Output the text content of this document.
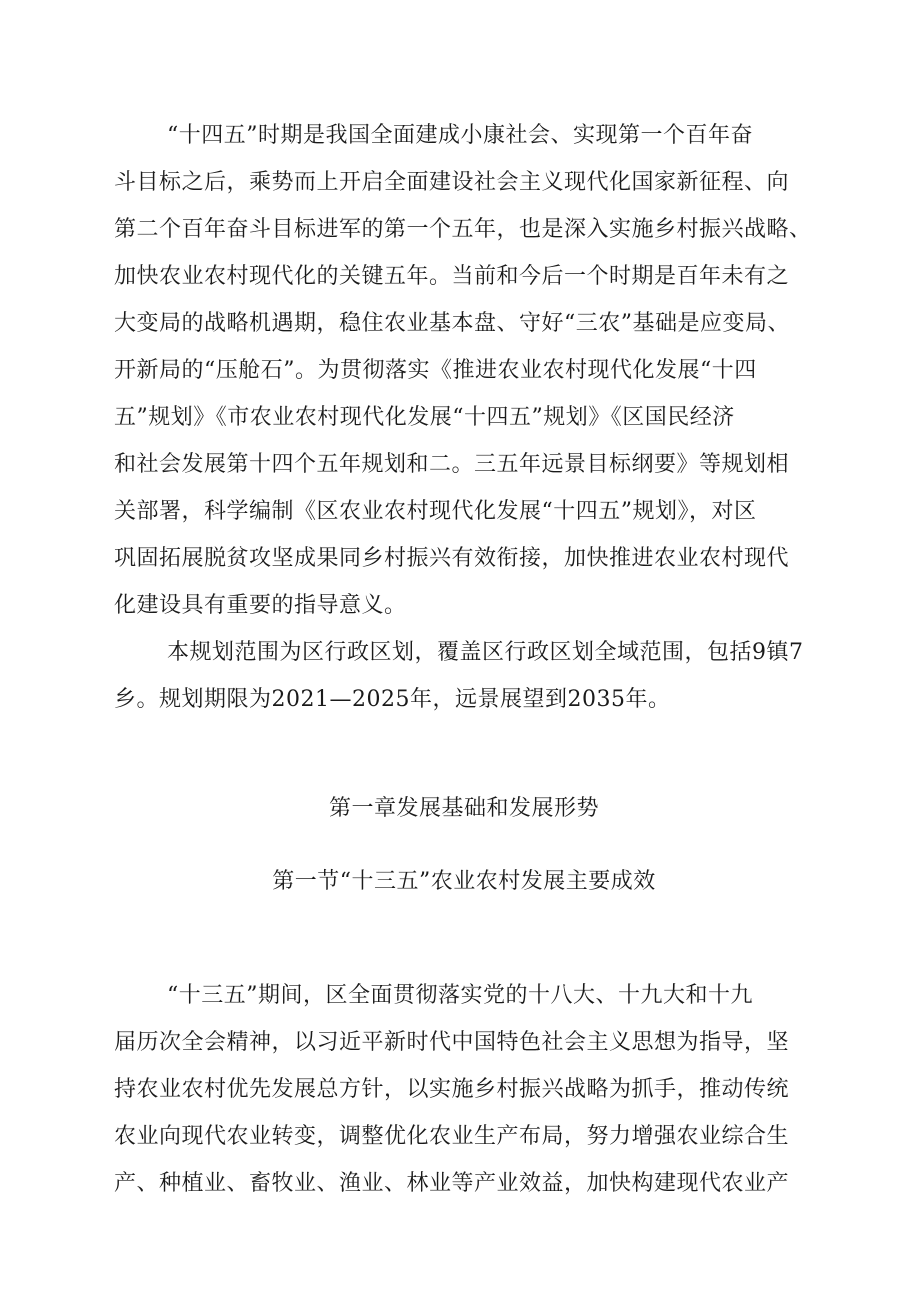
“十四五”时期是我国全面建成小康社会、实现第一个百年奋
斗目标之后，乘势而上开启全面建设社会主义现代化国家新征程、向
第二个百年奋斗目标进军的第一个五年，也是深入实施乡村振兴战略、
加快农业农村现代化的关键五年。当前和今后一个时期是百年未有之
大变局的战略机遇期，稳住农业基本盘、守好“三农”基础是应变局、
开新局的“压舱石”。为贯彻落实《推进农业农村现代化发展“十四
五”规划》《市农业农村现代化发展“十四五”规划》《区国民经济
和社会发展第十四个五年规划和二。三五年远景目标纲要》等规划相
关部署，科学编制《区农业农村现代化发展“十四五”规划》，对区
巩固拓展脱贫攻坚成果同乡村振兴有效衔接，加快推进农业农村现代
化建设具有重要的指导意义。
本规划范围为区行政区划，覆盖区行政区划全域范围，包括9镇7
乡。规划期限为2021—2025年，远景展望到2035年。
第一章发展基础和发展形势
第一节“十三五”农业农村发展主要成效
“十三五”期间，区全面贯彻落实党的十八大、十九大和十九
届历次全会精神，以习近平新时代中国特色社会主义思想为指导，坚
持农业农村优先发展总方针，以实施乡村振兴战略为抓手，推动传统
农业向现代农业转变，调整优化农业生产布局，努力增强农业综合生
产、种植业、畜牧业、渔业、林业等产业效益，加快构建现代农业产
